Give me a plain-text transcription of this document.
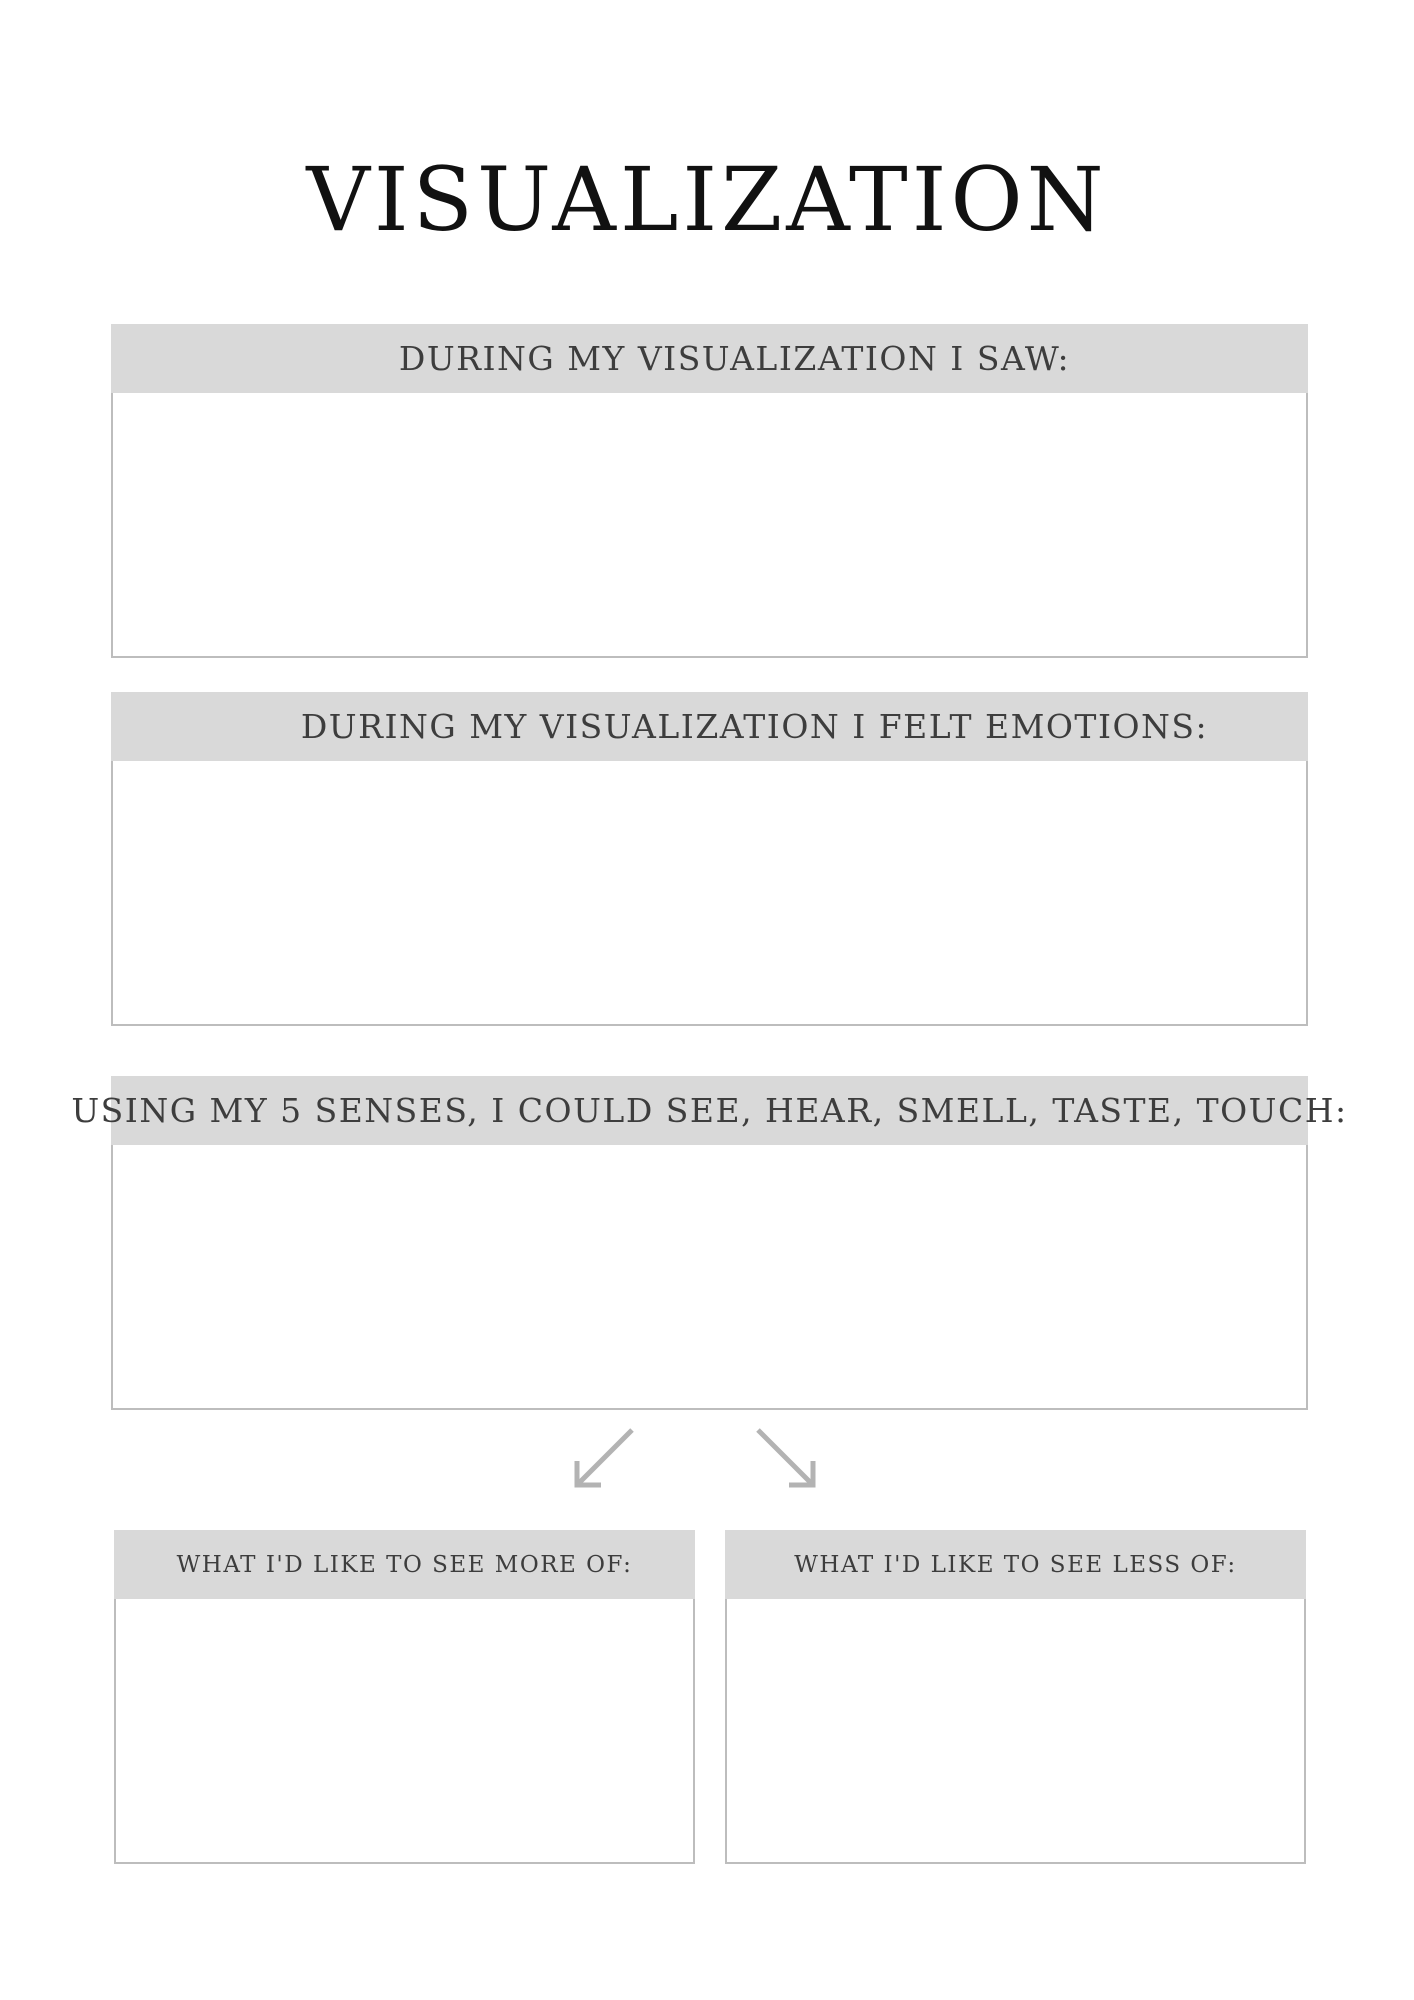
VISUALIZATION
DURING MY VISUALIZATION I SAW:
DURING MY VISUALIZATION I FELT EMOTIONS:
USING MY 5 SENSES, I COULD SEE, HEAR, SMELL, TASTE, TOUCH:
WHAT I'D LIKE TO SEE MORE OF:	WHAT I'D LIKE TO SEE LESS OF:
